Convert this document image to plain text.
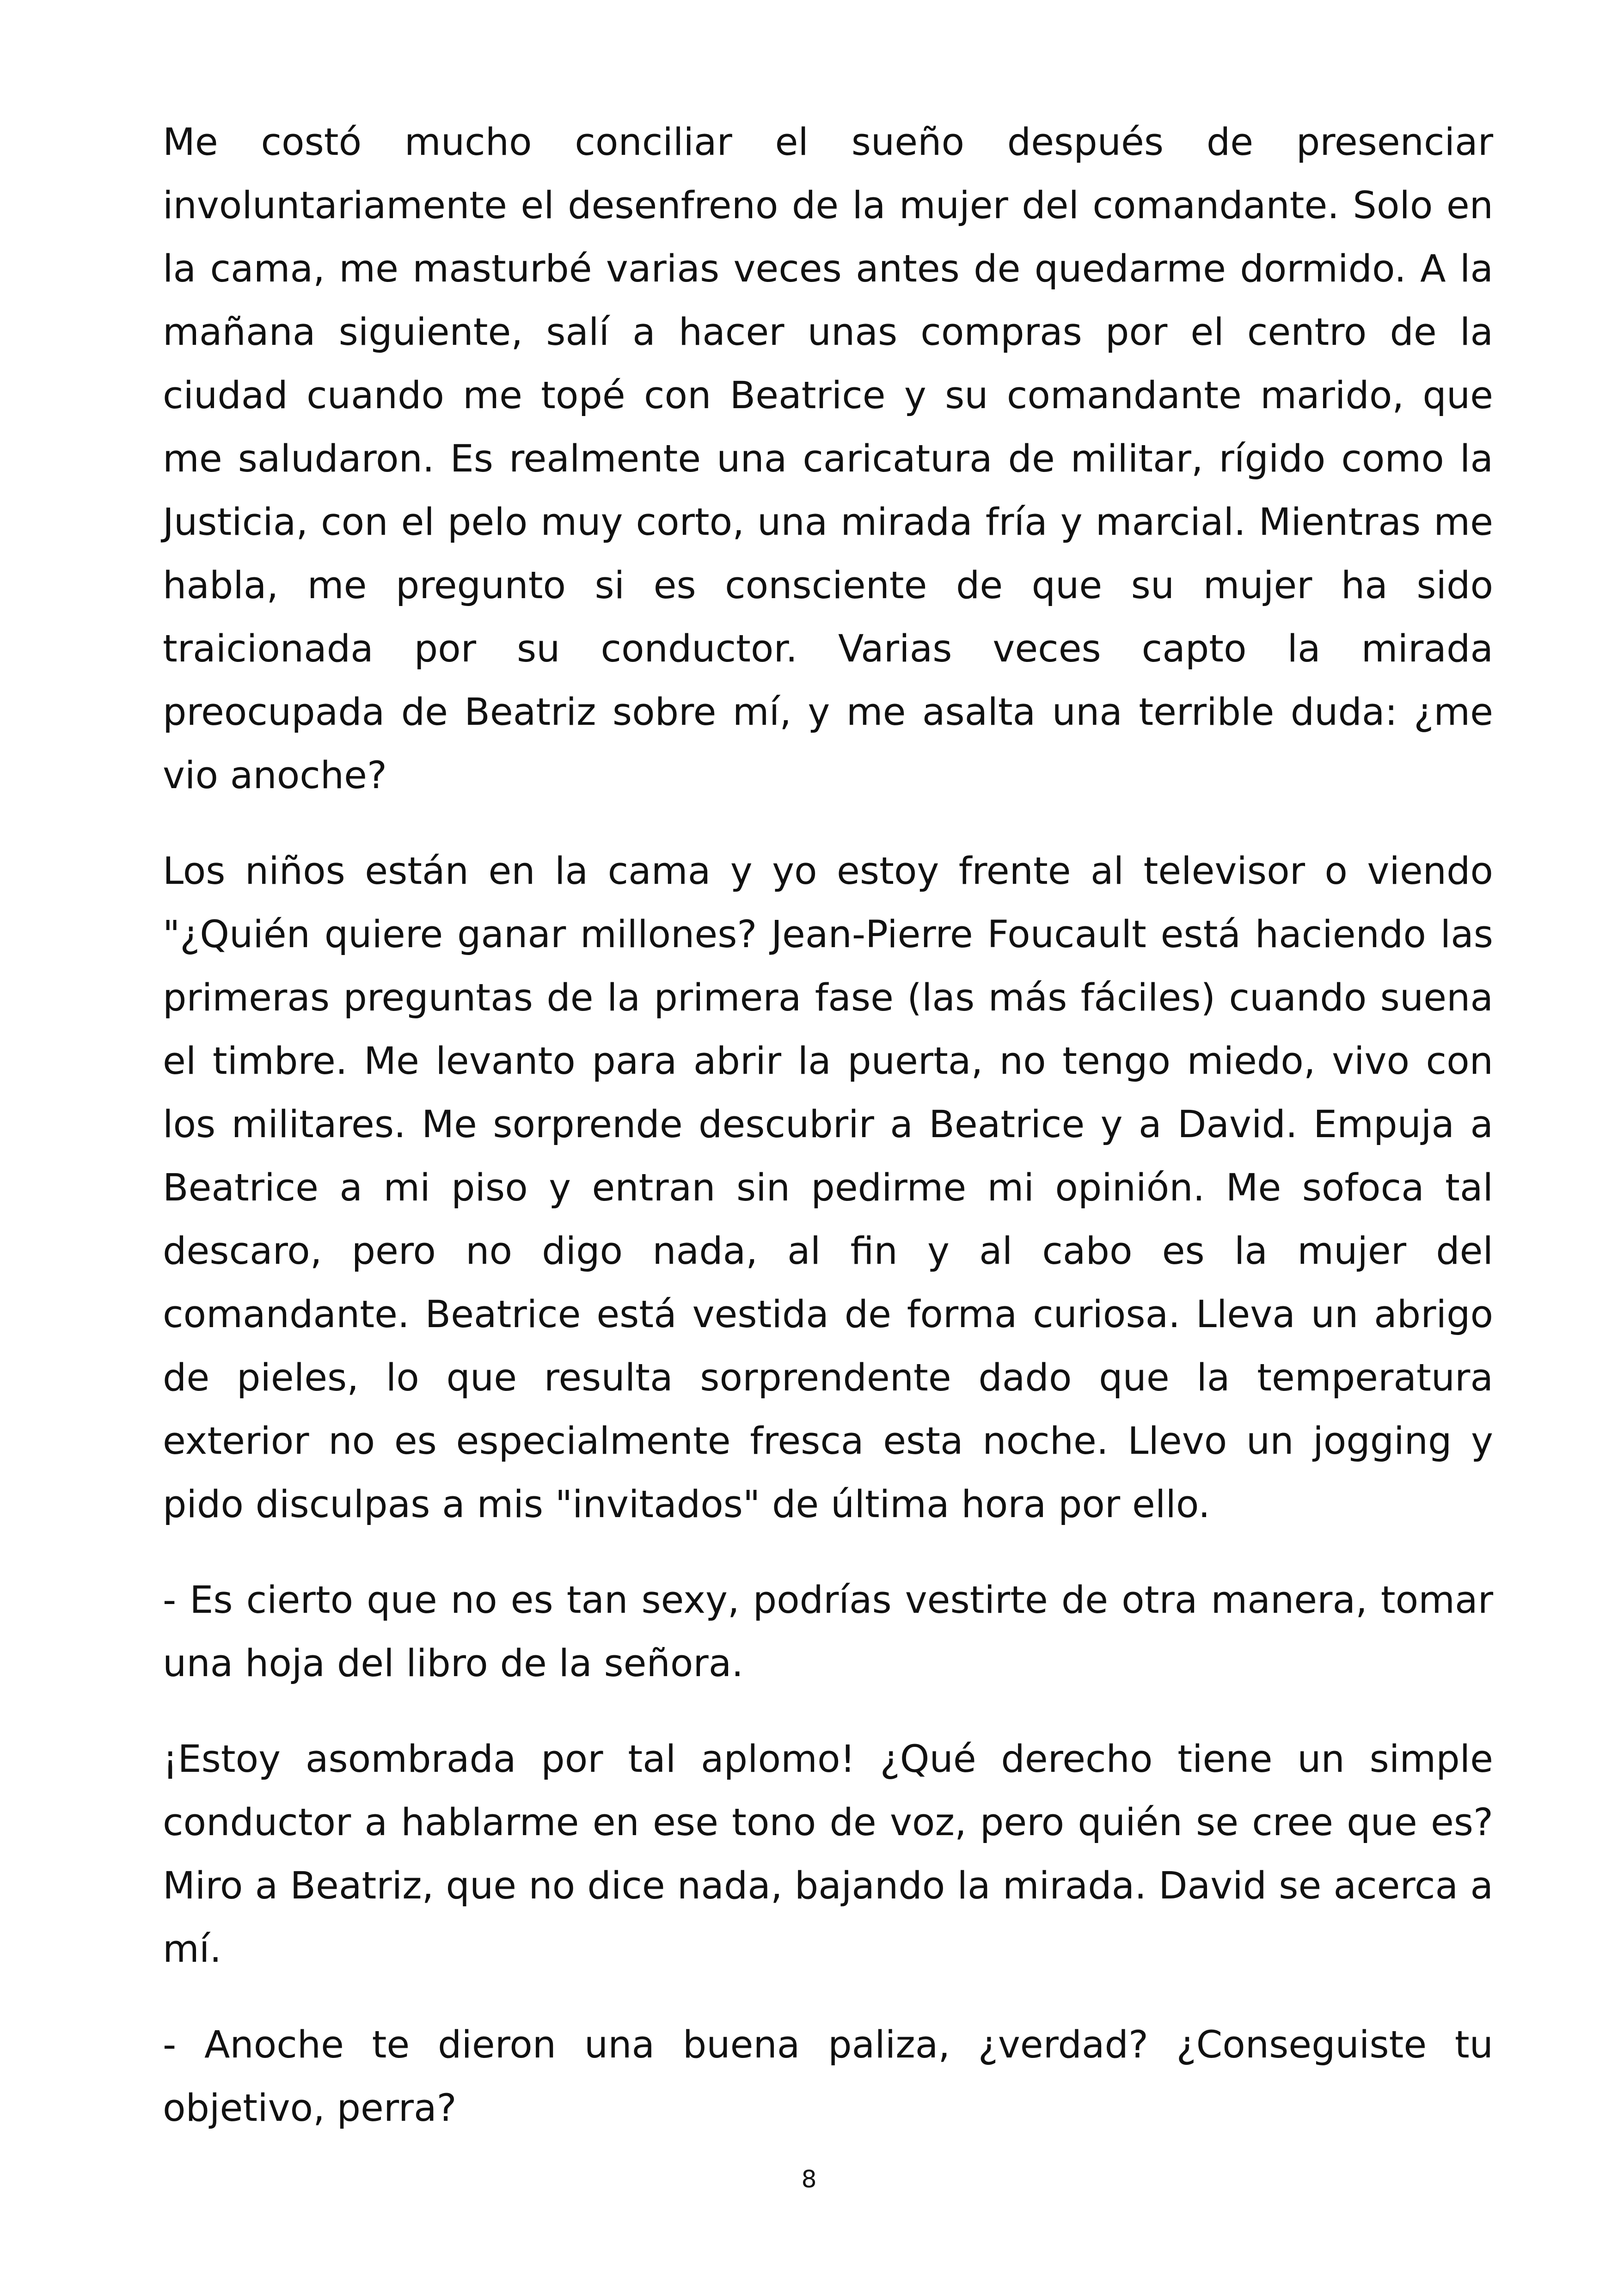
Me costó mucho conciliar el sueño después de presenciar involuntariamente el desenfreno de la mujer del comandante. Solo en la cama, me masturbé varias veces antes de quedarme dormido. A la mañana siguiente, salí a hacer unas compras por el centro de la ciudad cuando me topé con Beatrice y su comandante marido, que me saludaron. Es realmente una caricatura de militar, rígido como la Justicia, con el pelo muy corto, una mirada fría y marcial. Mientras me habla, me pregunto si es consciente de que su mujer ha sido traicionada por su conductor. Varias veces capto la mirada preocupada de Beatriz sobre mí, y me asalta una terrible duda: ¿me vio anoche?

Los niños están en la cama y yo estoy frente al televisor o viendo "¿Quién quiere ganar millones? Jean-Pierre Foucault está haciendo las primeras preguntas de la primera fase (las más fáciles) cuando suena el timbre. Me levanto para abrir la puerta, no tengo miedo, vivo con los militares. Me sorprende descubrir a Beatrice y a David. Empuja a Beatrice a mi piso y entran sin pedirme mi opinión. Me sofoca tal descaro, pero no digo nada, al fin y al cabo es la mujer del comandante. Beatrice está vestida de forma curiosa. Lleva un abrigo de pieles, lo que resulta sorprendente dado que la temperatura exterior no es especialmente fresca esta noche. Llevo un jogging y pido disculpas a mis "invitados" de última hora por ello.

- Es cierto que no es tan sexy, podrías vestirte de otra manera, tomar una hoja del libro de la señora.

¡Estoy asombrada por tal aplomo! ¿Qué derecho tiene un simple conductor a hablarme en ese tono de voz, pero quién se cree que es? Miro a Beatriz, que no dice nada, bajando la mirada. David se acerca a mí.

- Anoche te dieron una buena paliza, ¿verdad? ¿Conseguiste tu objetivo, perra?

8
